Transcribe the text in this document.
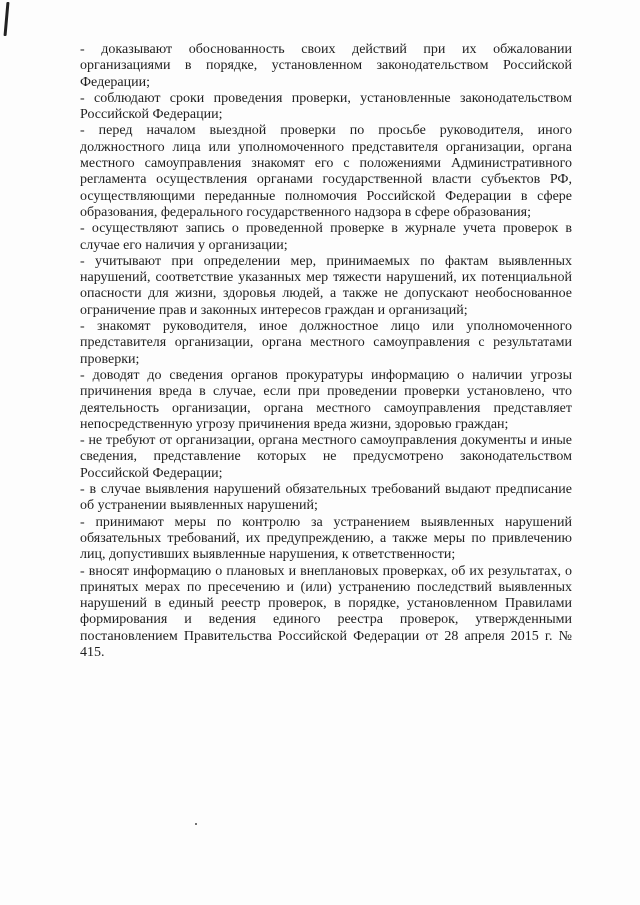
- доказывают обоснованность своих действий при их обжаловании организациями в порядке, установленном законодательством Российской Федерации;

- соблюдают сроки проведения проверки, установленные законодательством Российской Федерации;

- перед началом выездной проверки по просьбе руководителя, иного должностного лица или уполномоченного представителя организации, органа местного самоуправления знакомят его с положениями Административного регламента осуществления органами государственной власти субъектов РФ, осуществляющими переданные полномочия Российской Федерации в сфере образования, федерального государственного надзора в сфере образования;

- осуществляют запись о проведенной проверке в журнале учета проверок в случае его наличия у организации;

- учитывают при определении мер, принимаемых по фактам выявленных нарушений, соответствие указанных мер тяжести нарушений, их потенциальной опасности для жизни, здоровья людей, а также не допускают необоснованное ограничение прав и законных интересов граждан и организаций;

- знакомят руководителя, иное должностное лицо или уполномоченного представителя организации, органа местного самоуправления с результатами проверки;

- доводят до сведения органов прокуратуры информацию о наличии угрозы причинения вреда в случае, если при проведении проверки установлено, что деятельность организации, органа местного самоуправления представляет непосредственную угрозу причинения вреда жизни, здоровью граждан;

- не требуют от организации, органа местного самоуправления документы и иные сведения, представление которых не предусмотрено законодательством Российской Федерации;

- в случае выявления нарушений обязательных требований выдают предписание об устранении выявленных нарушений;

- принимают меры по контролю за устранением выявленных нарушений обязательных требований, их предупреждению, а также меры по привлечению лиц, допустивших выявленные нарушения, к ответственности;

- вносят информацию о плановых и внеплановых проверках, об их результатах, о принятых мерах по пресечению и (или) устранению последствий выявленных нарушений в единый реестр проверок, в порядке, установленном Правилами формирования и ведения единого реестра проверок, утвержденными постановлением Правительства Российской Федерации от 28 апреля 2015 г. № 415.
